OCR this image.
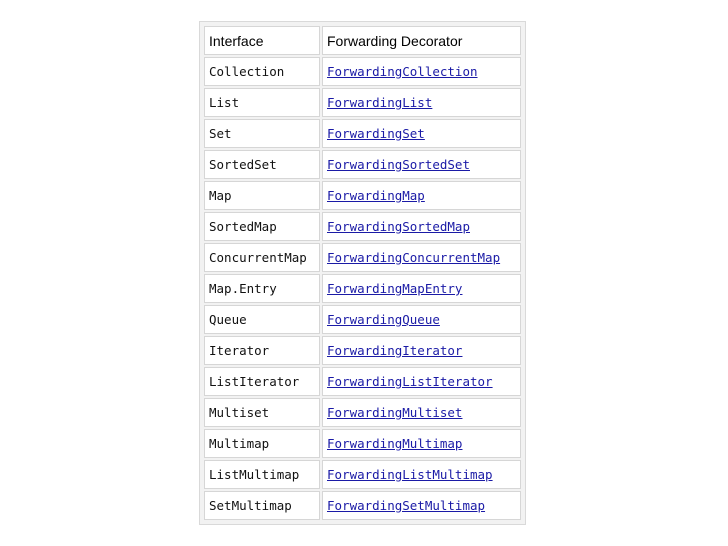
Interface	Forwarding Decorator
Collection	ForwardingCollection
List	ForwardingList
Set	ForwardingSet
SortedSet	ForwardingSortedSet
Map	ForwardingMap
SortedMap	ForwardingSortedMap
ConcurrentMap	ForwardingConcurrentMap
Map.Entry	ForwardingMapEntry
Queue	ForwardingQueue
Iterator	ForwardingIterator
ListIterator	ForwardingListIterator
Multiset	ForwardingMultiset
Multimap	ForwardingMultimap
ListMultimap	ForwardingListMultimap
SetMultimap	ForwardingSetMultimap
